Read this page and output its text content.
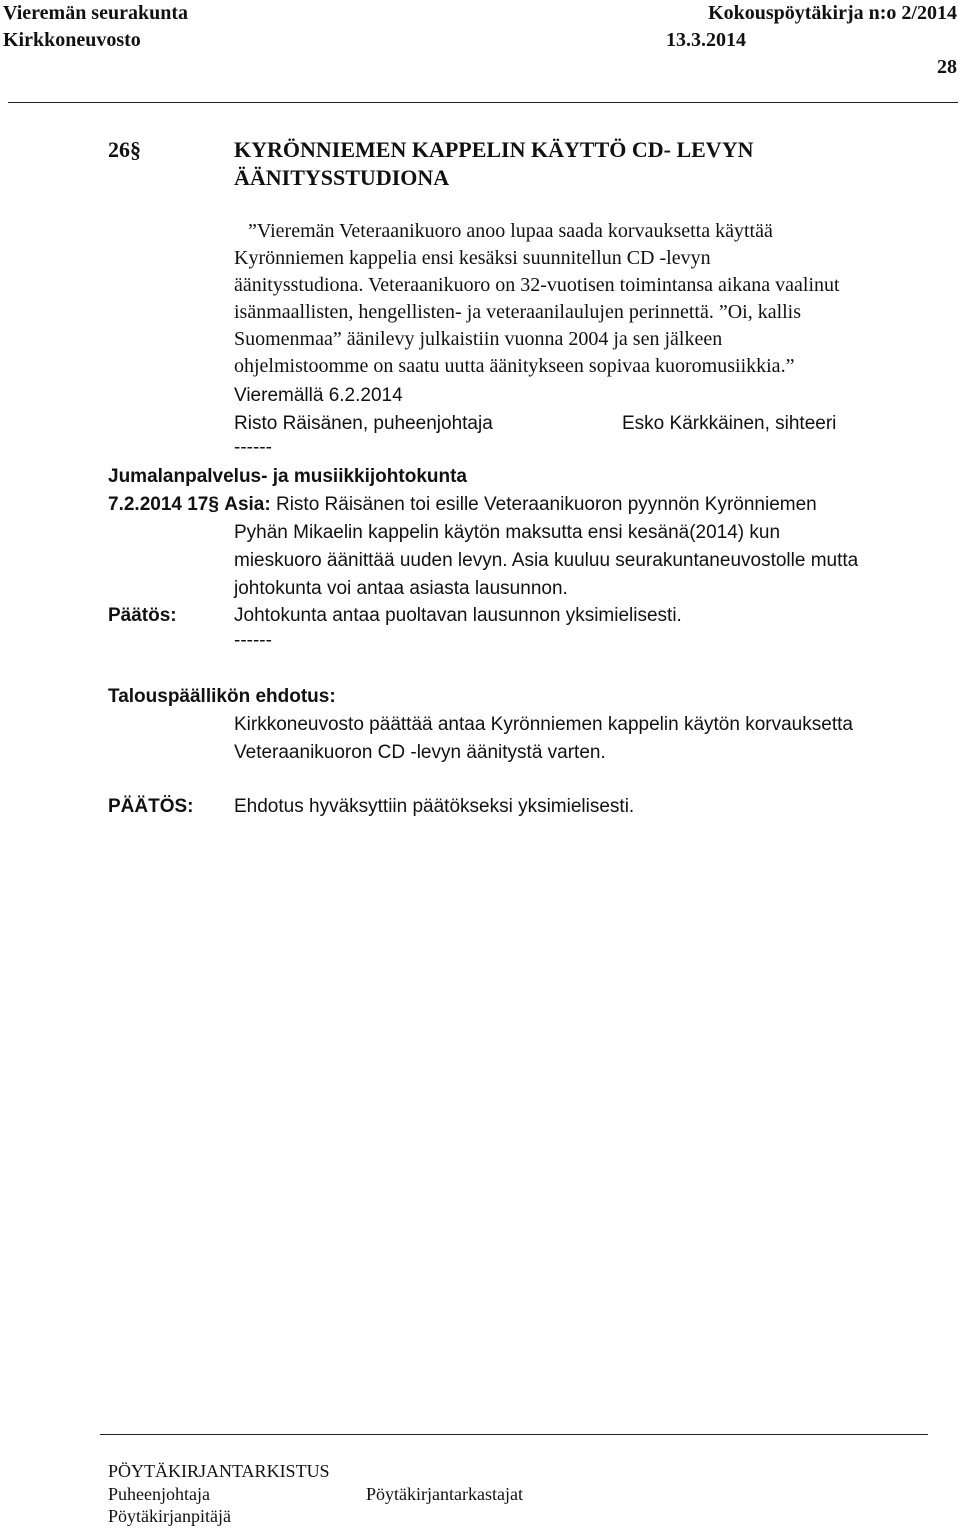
Vieremän seurakunta	Kokouspöytäkirja n:o 2/2014
Kirkkoneuvosto	13.3.2014
28
26§	KYRÖNNIEMEN KAPPELIN KÄYTTÖ CD- LEVYN
ÄÄNITYSSTUDIONA
”Vieremän Veteraanikuoro anoo lupaa saada korvauksetta käyttää
Kyrönniemen kappelia ensi kesäksi suunnitellun CD -levyn
äänitysstudiona. Veteraanikuoro on 32-vuotisen toimintansa aikana vaalinut
isänmaallisten, hengellisten- ja veteraanilaulujen perinnettä. ”Oi, kallis
Suomenmaa” äänilevy julkaistiin vuonna 2004 ja sen jälkeen
ohjelmistoomme on saatu uutta äänitykseen sopivaa kuoromusiikkia.”
Vieremällä 6.2.2014
Risto Räisänen, puheenjohtaja	Esko Kärkkäinen, sihteeri
------
Jumalanpalvelus- ja musiikkijohtokunta
7.2.2014 17§ Asia: Risto Räisänen toi esille Veteraanikuoron pyynnön Kyrönniemen
Pyhän Mikaelin kappelin käytön maksutta ensi kesänä(2014) kun
mieskuoro äänittää uuden levyn. Asia kuuluu seurakuntaneuvostolle mutta
johtokunta voi antaa asiasta lausunnon.
Päätös:	Johtokunta antaa puoltavan lausunnon yksimielisesti.
------
Talouspäällikön ehdotus:
Kirkkoneuvosto päättää antaa Kyrönniemen kappelin käytön korvauksetta
Veteraanikuoron CD -levyn äänitystä varten.
PÄÄTÖS: Ehdotus hyväksyttiin päätökseksi yksimielisesti.
PÖYTÄKIRJANTARKISTUS
Puheenjohtaja	Pöytäkirjantarkastajat
Pöytäkirjanpitäjä
